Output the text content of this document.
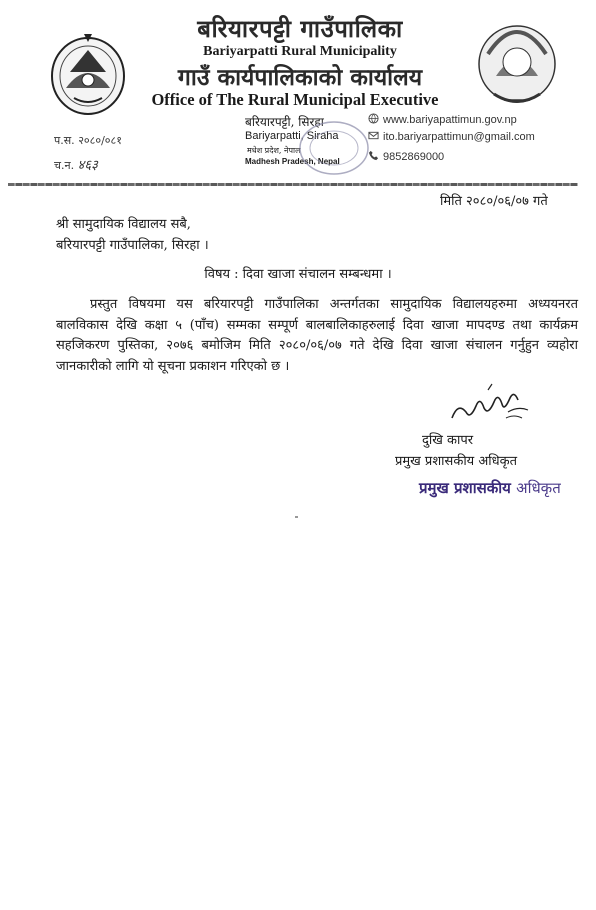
बरियारपट्टी गाउँपालिका
Bariyarpatti Rural Municipality
गाउँ कार्यपालिकाको कार्यालय
Office of The Rural Municipal Executive
बरियारपट्टी, सिरहा
Bariyarpatti, Siraha
मधेश प्रदेश, नेपाल
Madhesh Pradesh, Nepal
www.bariyapattimun.gov.np
ito.bariyarpattimun@gmail.com
9852869000
प.स. २०८०/०८१
च.न. ४६३
मिति २०८०/०६/०७ गते
श्री सामुदायिक विद्यालय सबै,
बरियारपट्टी गाउँपालिका, सिरहा ।
विषय : दिवा खाजा संचालन सम्बन्धमा ।
प्रस्तुत विषयमा यस बरियारपट्टी गाउँपालिका अन्तर्गतका सामुदायिक विद्यालयहरुमा अध्ययनरत बालविकास देखि कक्षा ५ (पाँच) सम्मका सम्पूर्ण बालबालिकाहरुलाई दिवा खाजा मापदण्ड तथा कार्यक्रम सहजिकरण पुस्तिका, २०७६ बमोजिम मिति २०८०/०६/०७ गते देखि दिवा खाजा संचालन गर्नुहुन व्यहोरा जानकारीको लागि यो सूचना प्रकाशन गरिएको छ ।
दुखि कापर
प्रमुख प्रशासकीय अधिकृत
प्रमुख प्रशासकीय अधिकृत
